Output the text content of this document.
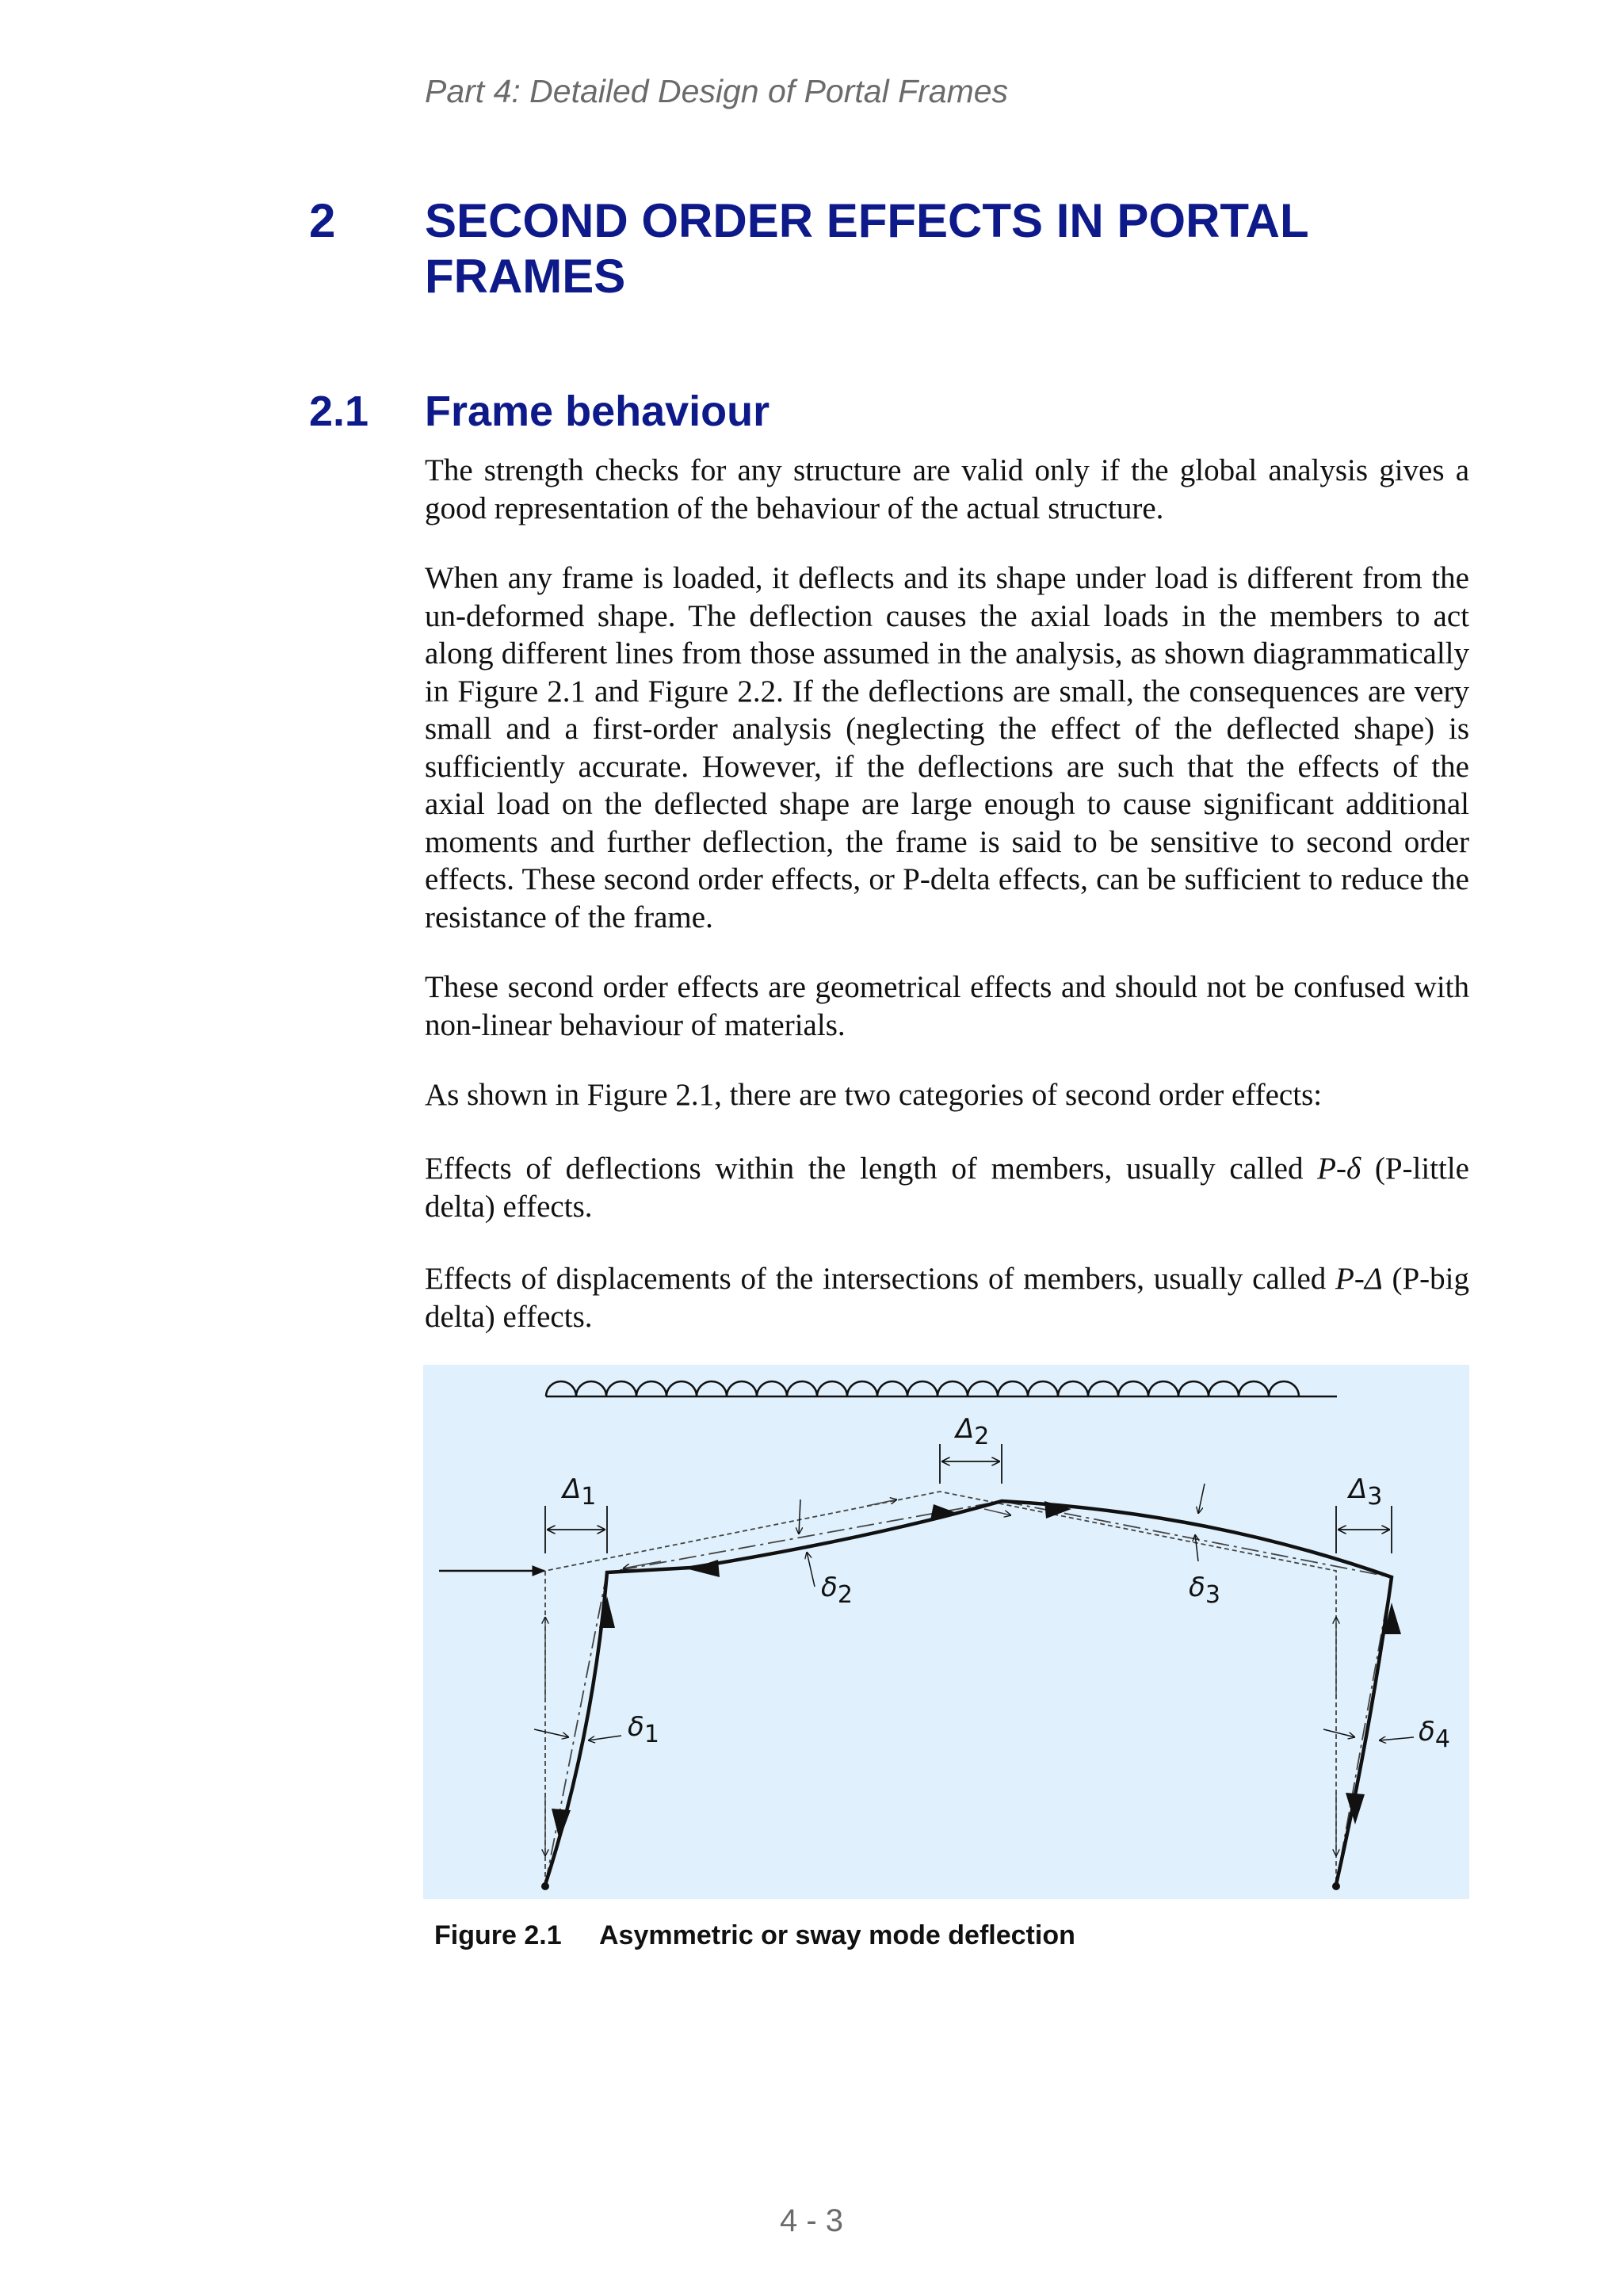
Part 4: Detailed Design of Portal Frames
2 SECOND ORDER EFFECTS IN PORTAL FRAMES
2.1 Frame behaviour

The strength checks for any structure are valid only if the global analysis gives a good representation of the behaviour of the actual structure.

When any frame is loaded, it deflects and its shape under load is different from the un-deformed shape. The deflection causes the axial loads in the members to act along different lines from those assumed in the analysis, as shown diagrammatically in Figure 2.1 and Figure 2.2. If the deflections are small, the consequences are very small and a first-order analysis (neglecting the effect of the deflected shape) is sufficiently accurate. However, if the deflections are such that the effects of the axial load on the deflected shape are large enough to cause significant additional moments and further deflection, the frame is said to be sensitive to second order effects. These second order effects, or P-delta effects, can be sufficient to reduce the resistance of the frame.

These second order effects are geometrical effects and should not be confused with non-linear behaviour of materials.

As shown in Figure 2.1, there are two categories of second order effects:

Effects of deflections within the length of members, usually called P-δ (P-little delta) effects.

Effects of displacements of the intersections of members, usually called P-Δ (P-big delta) effects.

Δ1
Δ2
Δ3
δ1
δ2	δ3
δ4
Figure 2.1 Asymmetric or sway mode deflection
4 - 3
